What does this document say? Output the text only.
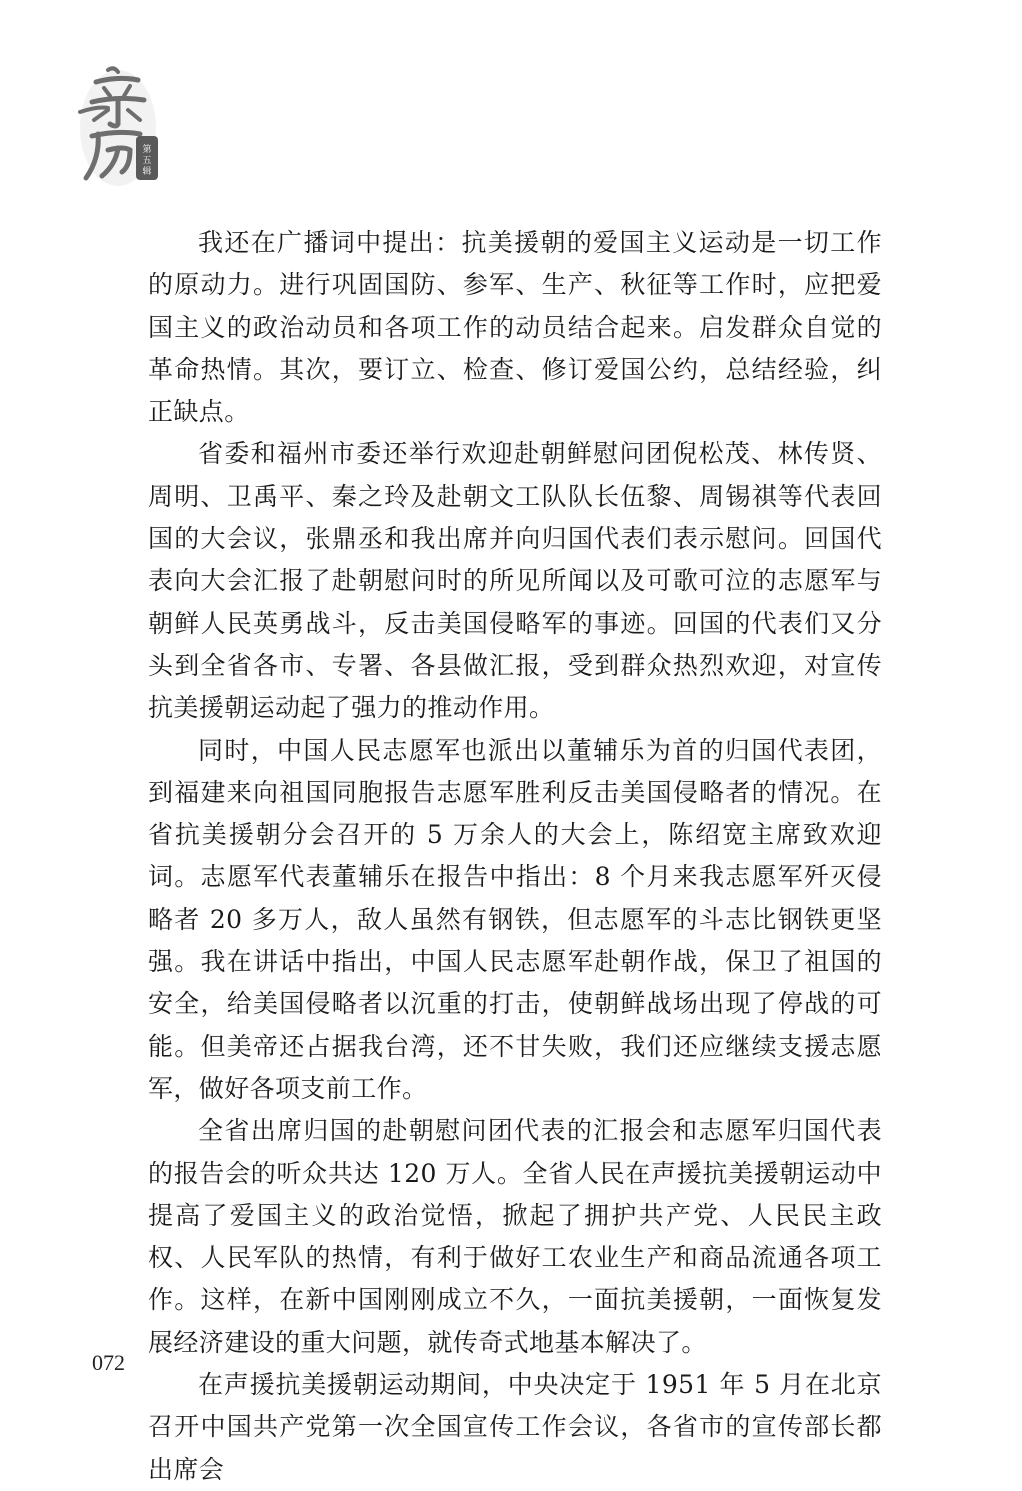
第
五
辑

我还在广播词中提出：抗美援朝的爱国主义运动是一切工作的原动力。进行巩固国防、参军、生产、秋征等工作时，应把爱国主义的政治动员和各项工作的动员结合起来。启发群众自觉的革命热情。其次，要订立、检查、修订爱国公约，总结经验，纠正缺点。

省委和福州市委还举行欢迎赴朝鲜慰问团倪松茂、林传贤、周明、卫禹平、秦之玲及赴朝文工队队长伍黎、周锡祺等代表回国的大会议，张鼎丞和我出席并向归国代表们表示慰问。回国代表向大会汇报了赴朝慰问时的所见所闻以及可歌可泣的志愿军与朝鲜人民英勇战斗，反击美国侵略军的事迹。回国的代表们又分头到全省各市、专署、各县做汇报，受到群众热烈欢迎，对宣传抗美援朝运动起了强力的推动作用。

同时，中国人民志愿军也派出以董辅乐为首的归国代表团，到福建来向祖国同胞报告志愿军胜利反击美国侵略者的情况。在省抗美援朝分会召开的 5 万余人的大会上，陈绍宽主席致欢迎词。志愿军代表董辅乐在报告中指出：8 个月来我志愿军歼灭侵略者 20 多万人，敌人虽然有钢铁，但志愿军的斗志比钢铁更坚强。我在讲话中指出，中国人民志愿军赴朝作战，保卫了祖国的安全，给美国侵略者以沉重的打击，使朝鲜战场出现了停战的可能。但美帝还占据我台湾，还不甘失败，我们还应继续支援志愿军，做好各项支前工作。

全省出席归国的赴朝慰问团代表的汇报会和志愿军归国代表的报告会的听众共达 120 万人。全省人民在声援抗美援朝运动中提高了爱国主义的政治觉悟，掀起了拥护共产党、人民民主政权、人民军队的热情，有利于做好工农业生产和商品流通各项工作。这样，在新中国刚刚成立不久，一面抗美援朝，一面恢复发展经济建设的重大问题，就传奇式地基本解决了。

在声援抗美援朝运动期间，中央决定于 1951 年 5 月在北京召开中国共产党第一次全国宣传工作会议，各省市的宣传部长都出席会

072
